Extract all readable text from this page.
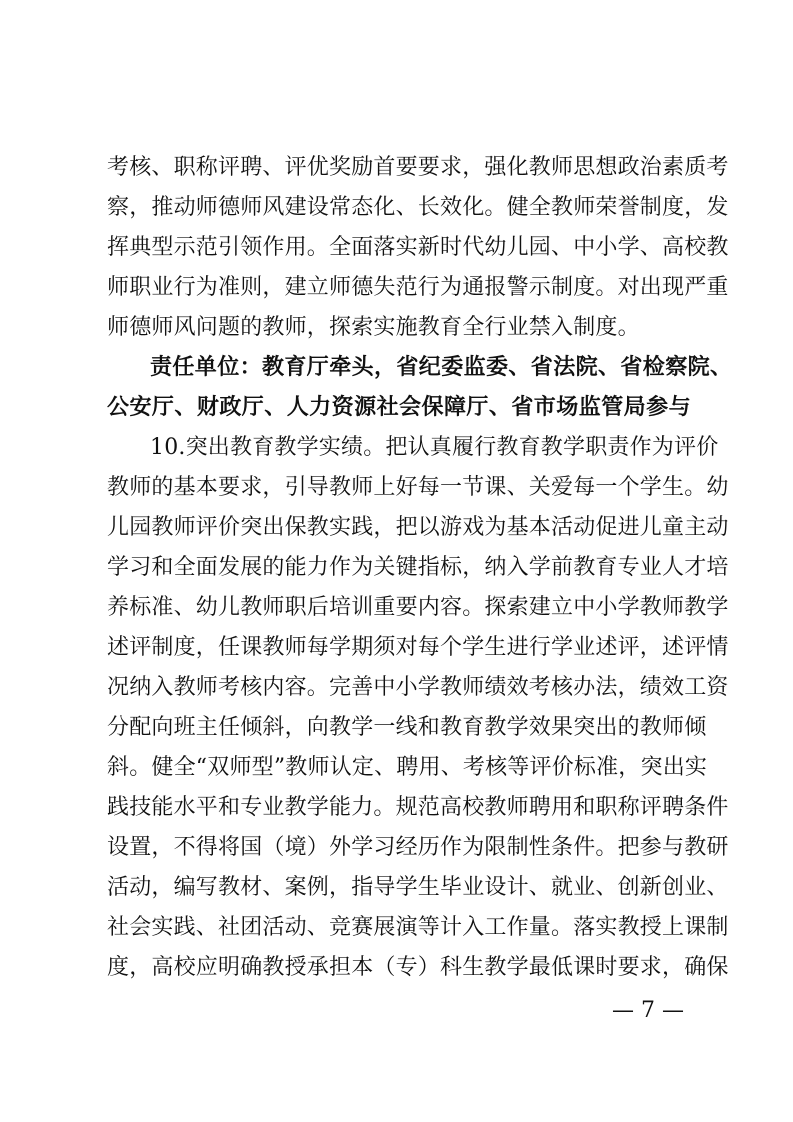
考核、职称评聘、评优奖励首要要求，强化教师思想政治素质考
察，推动师德师风建设常态化、长效化。健全教师荣誉制度，发
挥典型示范引领作用。全面落实新时代幼儿园、中小学、高校教
师职业行为准则，建立师德失范行为通报警示制度。对出现严重
师德师风问题的教师，探索实施教育全行业禁入制度。
责任单位：教育厅牵头，省纪委监委、省法院、省检察院、
公安厅、财政厅、人力资源社会保障厅、省市场监管局参与
10.突出教育教学实绩。把认真履行教育教学职责作为评价
教师的基本要求，引导教师上好每一节课、关爱每一个学生。幼
儿园教师评价突出保教实践，把以游戏为基本活动促进儿童主动
学习和全面发展的能力作为关键指标，纳入学前教育专业人才培
养标准、幼儿教师职后培训重要内容。探索建立中小学教师教学
述评制度，任课教师每学期须对每个学生进行学业述评，述评情
况纳入教师考核内容。完善中小学教师绩效考核办法，绩效工资
分配向班主任倾斜，向教学一线和教育教学效果突出的教师倾
斜。健全“双师型”教师认定、聘用、考核等评价标准，突出实
践技能水平和专业教学能力。规范高校教师聘用和职称评聘条件
设置，不得将国（境）外学习经历作为限制性条件。把参与教研
活动，编写教材、案例，指导学生毕业设计、就业、创新创业、
社会实践、社团活动、竞赛展演等计入工作量。落实教授上课制
度，高校应明确教授承担本（专）科生教学最低课时要求，确保
— 7 —
